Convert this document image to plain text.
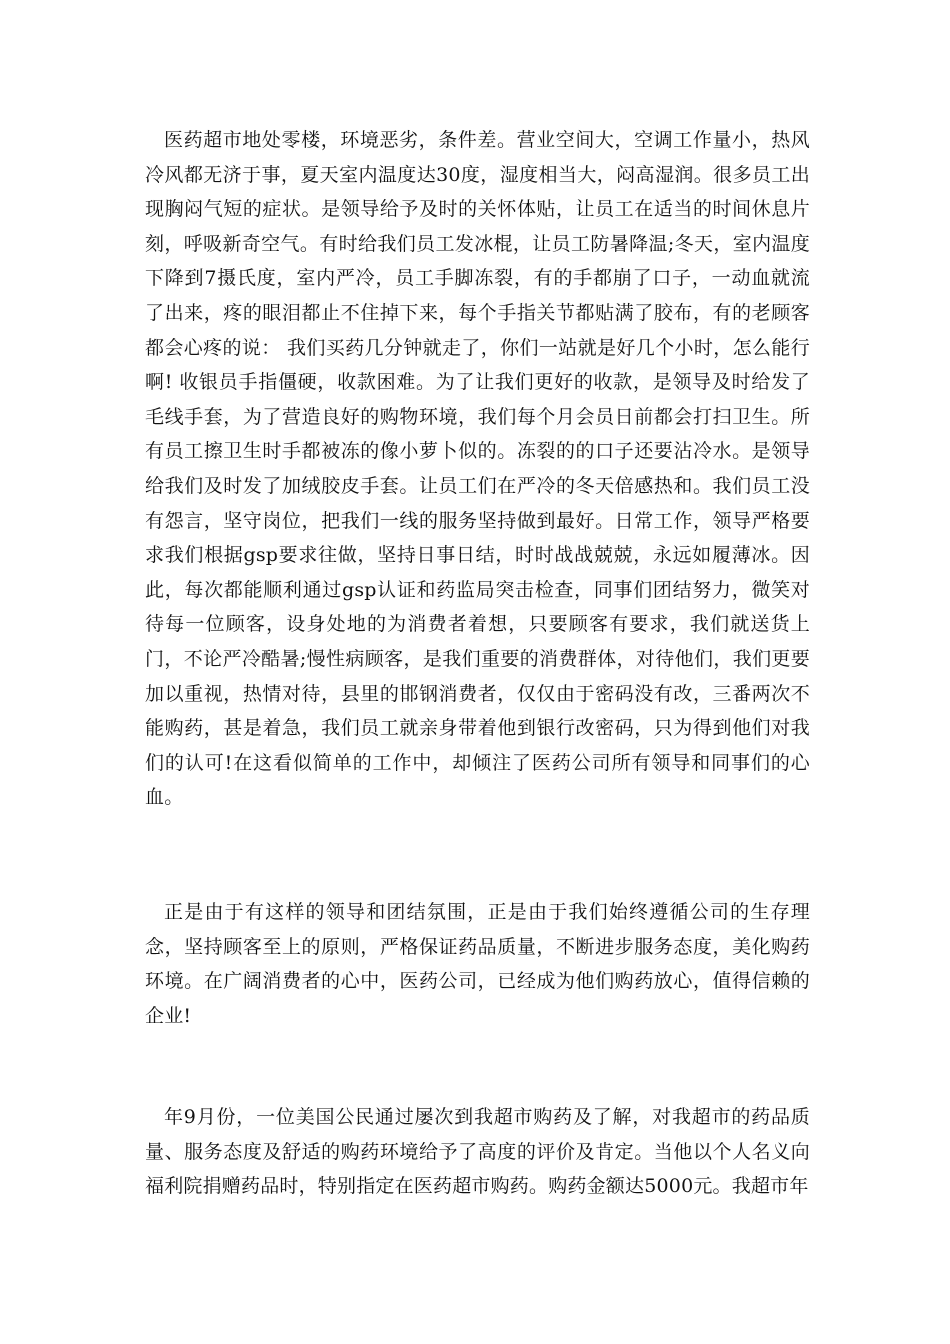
医药超市地处零楼，环境恶劣，条件差。营业空间大，空调工作量小，热风冷风都无济于事，夏天室内温度达30度，湿度相当大，闷高湿润。很多员工出现胸闷气短的症状。是领导给予及时的关怀体贴，让员工在适当的时间休息片刻，呼吸新奇空气。有时给我们员工发冰棍，让员工防暑降温;冬天，室内温度下降到7摄氏度，室内严冷，员工手脚冻裂，有的手都崩了口子，一动血就流了出来，疼的眼泪都止不住掉下来，每个手指关节都贴满了胶布，有的老顾客都会心疼的说： 我们买药几分钟就走了，你们一站就是好几个小时，怎么能行啊! 收银员手指僵硬，收款困难。为了让我们更好的收款，是领导及时给发了毛线手套，为了营造良好的购物环境，我们每个月会员日前都会打扫卫生。所有员工擦卫生时手都被冻的像小萝卜似的。冻裂的的口子还要沾冷水。是领导给我们及时发了加绒胶皮手套。让员工们在严冷的冬天倍感热和。我们员工没有怨言，坚守岗位，把我们一线的服务坚持做到最好。日常工作，领导严格要求我们根据gsp要求往做，坚持日事日结，时时战战兢兢，永远如履薄冰。因此，每次都能顺利通过gsp认证和药监局突击检查，同事们团结努力，微笑对待每一位顾客，设身处地的为消费者着想，只要顾客有要求，我们就送货上门，不论严冷酷暑;慢性病顾客，是我们重要的消费群体，对待他们，我们更要加以重视，热情对待，县里的邯钢消费者，仅仅由于密码没有改，三番两次不能购药，甚是着急，我们员工就亲身带着他到银行改密码，只为得到他们对我们的认可!在这看似简单的工作中，却倾注了医药公司所有领导和同事们的心血。

正是由于有这样的领导和团结氛围，正是由于我们始终遵循公司的生存理念，坚持顾客至上的原则，严格保证药品质量，不断进步服务态度，美化购药环境。在广阔消费者的心中，医药公司，已经成为他们购药放心，值得信赖的企业!

年9月份，一位美国公民通过屡次到我超市购药及了解，对我超市的药品质量、服务态度及舒适的购药环境给予了高度的评价及肯定。当他以个人名义向福利院捐赠药品时，特别指定在医药超市购药。购药金额达5000元。我超市年
